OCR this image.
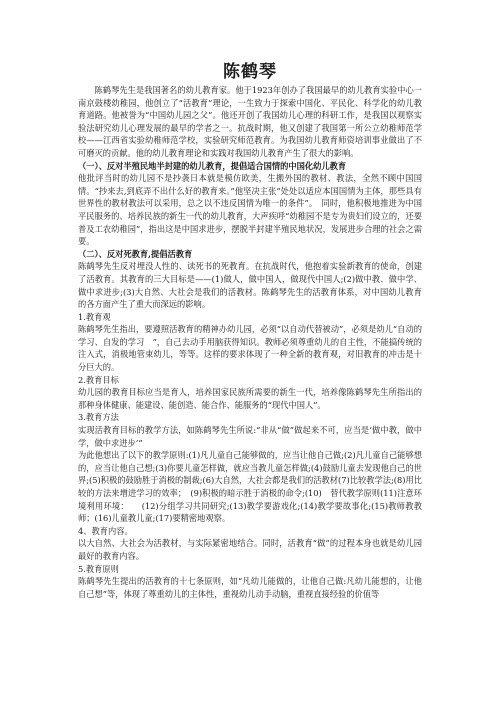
陈鹤琴

陈鹤琴先生是我国著名的幼儿教育家。他于1923年创办了我国最早的幼儿教育实验中心一南京鼓楼幼稚园，他创立了“活教育”理论，一生致力于探索中国化、平民化、科学化的幼儿教育道路。他被誉为“中国幼儿园之父”。他还开创了我国幼儿心理的科研工作，是我国以观察实验法研究幼儿心理发展的最早的学者之一。抗战时期，他又创建了我国第一所公立幼稚师范学校——江西省实验幼稚师范学校，实验研究师范教育。为我国幼儿教育师资培训事业做出了不可磨灭的贡献。他的幼儿教育理论和实践对我国幼儿教育产生了很大的影响。

（一）、反对半殖民地半封建的幼儿教育，提倡适合国情的中国化幼儿教育

他批评当时的幼儿园不是抄袭日本就是模仿欧美，生搬外国的教材、教法，全然不顾中国国情。“抄来去,到底弄不出什么好的教育来。”他坚决主张“处处以适应本国国情为主体，那些具有世界性的教材教法可以采用，总之以不违反国情为唯一的条件”。　同时，他积极地推进为中国平民服务的、培养民族的新生一代的幼儿教育，大声疾呼“幼稚园不是专为贵妇们设立的，还要普及工农幼稚园”，指出这是中国求进步，摆脱半封建半殖民地状况，发展进步合理的社会之需要。

（二）、反对死教育,提倡活教育

陈鹤琴先生反对埋没人性的、读死书的死教育。在抗战时代，他抱着实验新教育的使命，创建了活教育。其教育的三大目标是——(1)做人，做中国人，做现代中国人;(2)做中教、做中学、做中求进步;(3)大自然、大社会是我们的活教材。陈鹤琴先生的活教育体系，对中国幼儿教育的各方面产生了重大而深远的影响。

1.教育观

陈鹤琴先生指出，要遵照活教育的精神办幼儿园，必须“以自动代替被动”，必须是幼儿“自动的学习、自发的学习　”，自己去动手用脑获得知识。教师必须尊重幼儿的自主性，不能搞传统的注入式，消极地管束幼儿，等等。这样的要求体现了一种全新的教育观，对旧教育的冲击是十分巨大的。

2.教育目标

幼儿园的教育目标应当是育人，培养国家民族所需要的新生一代，培养像陈鹤琴先生所指出的那种身体健康、能建设、能创造、能合作、能服务的“现代中国人”。

3.教育方法

实现活教育目标的教学方法，如陈鹤琴先生所说:“非从“做”做起来不可，应当是‘做中教，做中学，做中求进步’”

为此他想出了以下的教学原则:(1)凡儿童自己能够做的，应当让他自己做;(2)凡儿童自己能够想的，应当让他自己想;(3)你要儿童怎样做，就应当教儿童怎样做;(4)鼓励儿童去发现他自己的世界;(5)积极的鼓励胜于消极的制裁;(6)大自然，大社会都是我们的活教材(7)比较教学法;(8)用比较的方法来增进学习的效率；　(9)积极的暗示胜于消极的命令;(10)　替代教学原则(11)注意环境利用环境：　　(12)分组学习共同研究;(13)教学要游戏化;(14)教学要故事化;(15)教师教教师；(16)儿童教儿童;(17)要精密地观察。

4、教育内容。

以大自然、大社会为活教材，与实际紧密地结合。同时，活教育“做”的过程本身也就是幼儿园最好的教育内容。

5.教育原则

陈鹤琴先生提出的活教育的十七条原则，如“凡幼儿能做的，让他自己做:凡幼儿能想的，让他自己想”等，体现了尊重幼儿的主体性，重视幼儿动手动脑，重视直接经验的价值等
